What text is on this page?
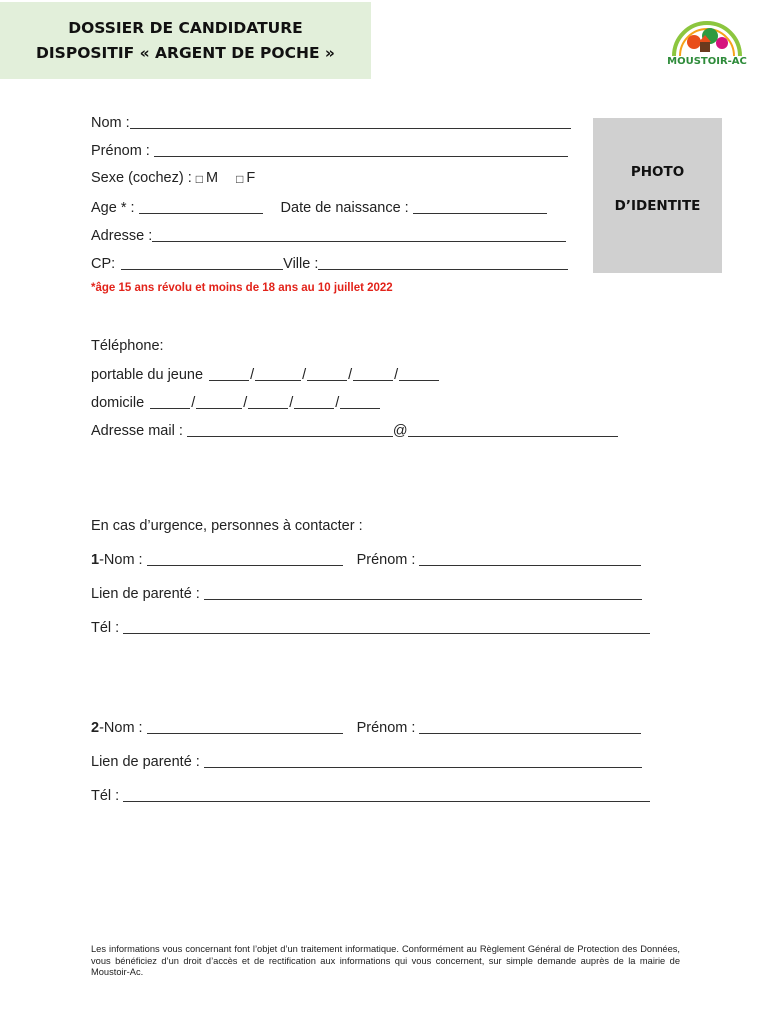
DOSSIER DE CANDIDATURE
DISPOSITIF « ARGENT DE POCHE »	MOUSTOIR-AC
PHOTO
D’IDENTITE
Nom :
Prénom :
Sexe (cochez) : □ M □ F
Age * :	Date de naissance :
Adresse :
CP:	Ville :
*âge 15 ans révolu et moins de 18 ans au 10 juillet 2022
Téléphone:
portable du jeune	/	/	/	/
domicile	/	/	/	/
Adresse mail :	@
En cas d’urgence, personnes à contacter :
1 -Nom :	Prénom :
Lien de parenté :
Tél :
2 -Nom :	Prénom :
Lien de parenté :
Tél :
Les informations vous concernant font l’objet d’un traitement informatique. Conformément au Règlement Général de Protection des Données, vous bénéficiez d’un droit d’accès et de rectification aux informations qui vous concernent, sur simple demande auprès de la mairie de Moustoir-Ac.
